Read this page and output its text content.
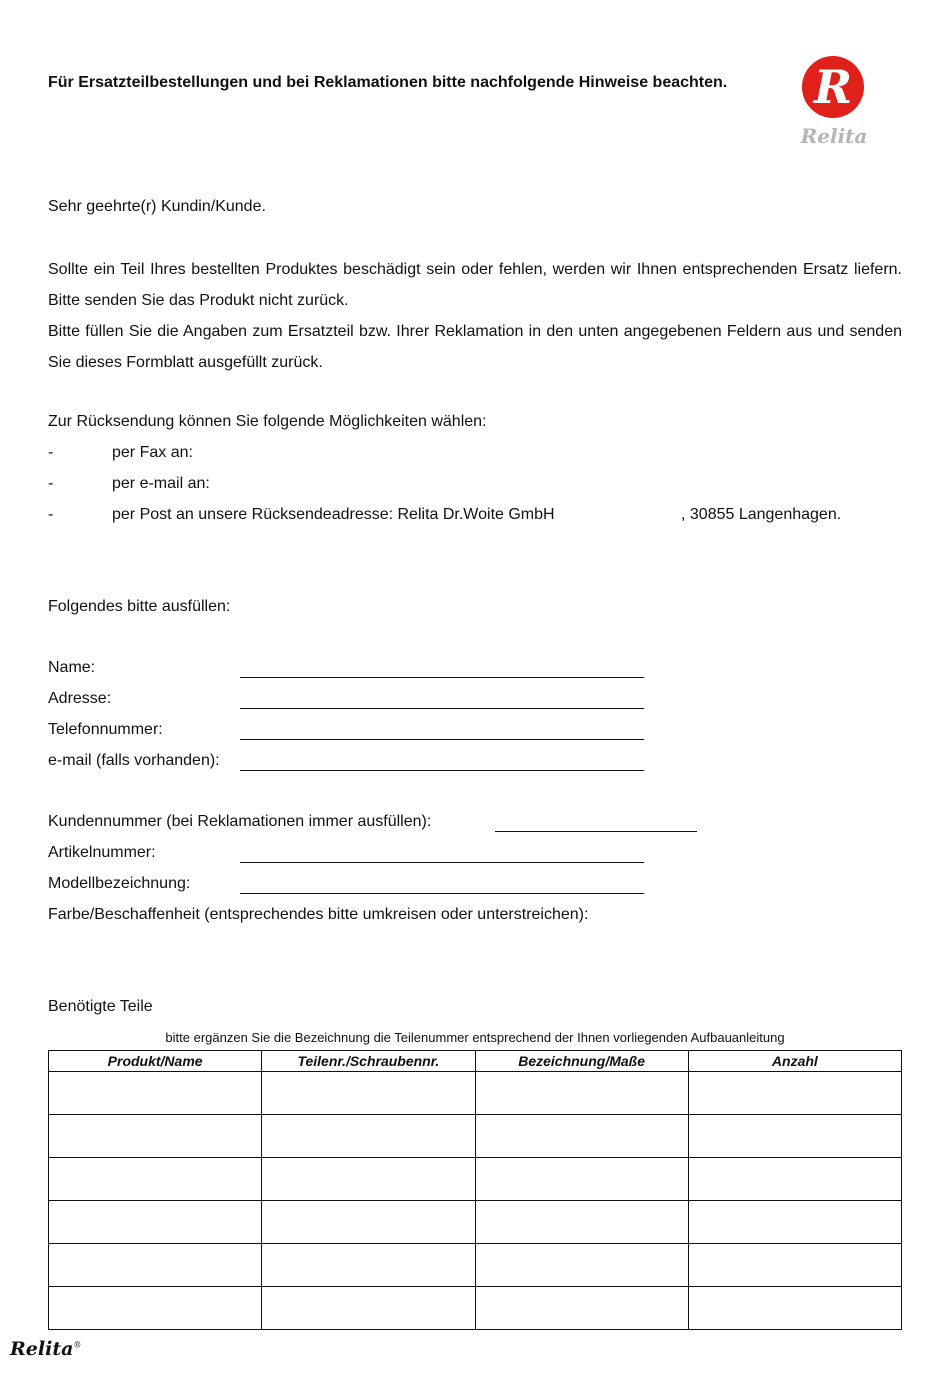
Für Ersatzteilbestellungen und bei Reklamationen bitte nachfolgende Hinweise beachten. R
Relita
Sehr geehrte(r) Kundin/Kunde.
Sollte ein Teil Ihres bestellten Produktes beschädigt sein oder fehlen, werden wir Ihnen entsprechenden Ersatz liefern. Bitte senden Sie das Produkt nicht zurück.
Bitte füllen Sie die Angaben zum Ersatzteil bzw. Ihrer Reklamation in den unten angegebenen Feldern aus und senden Sie dieses Formblatt ausgefüllt zurück.
Zur Rücksendung können Sie folgende Möglichkeiten wählen:
-	per Fax an:
-	per e-mail an:
-	per Post an unsere Rücksendeadresse: Relita Dr.Woite GmbH	, 30855 Langenhagen.
Folgendes bitte ausfüllen:
Name:
Adresse:
Telefonnummer:
e-mail (falls vorhanden):
Kundennummer (bei Reklamationen immer ausfüllen):
Artikelnummer:
Modellbezeichnung:
Farbe/Beschaffenheit (entsprechendes bitte umkreisen oder unterstreichen):
Benötigte Teile
bitte ergänzen Sie die Bezeichnung die Teilenummer entsprechend der Ihnen vorliegenden Aufbauanleitung
Produkt/Name	Teilenr./Schraubennr.	Bezeichnung/Maße	Anzahl

Relita®
